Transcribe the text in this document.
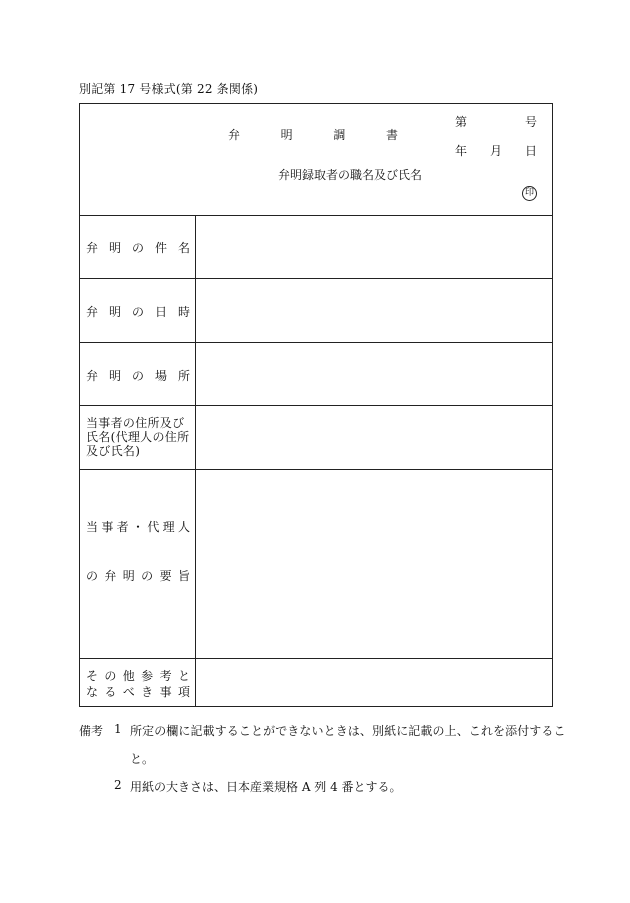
別記第 17 号様式(第 22 条関係)
弁	明	調	書
第	号
年 月 日
弁明録取者の職名及び氏名
印
弁 明 の 件 名
弁 明 の 日 時
弁 明 の 場 所
当事者の住所及び氏名(代理人の住所及び氏名)
当 事 者 ・ 代 理 人
の 弁 明 の 要 旨
そ の 他 参 考 と
な る べ き 事 項
備考 1 所定の欄に記載することができないときは、別紙に記載の上、これを添付するこ
と。
2 用紙の大きさは、日本産業規格 A 列 4 番とする。
